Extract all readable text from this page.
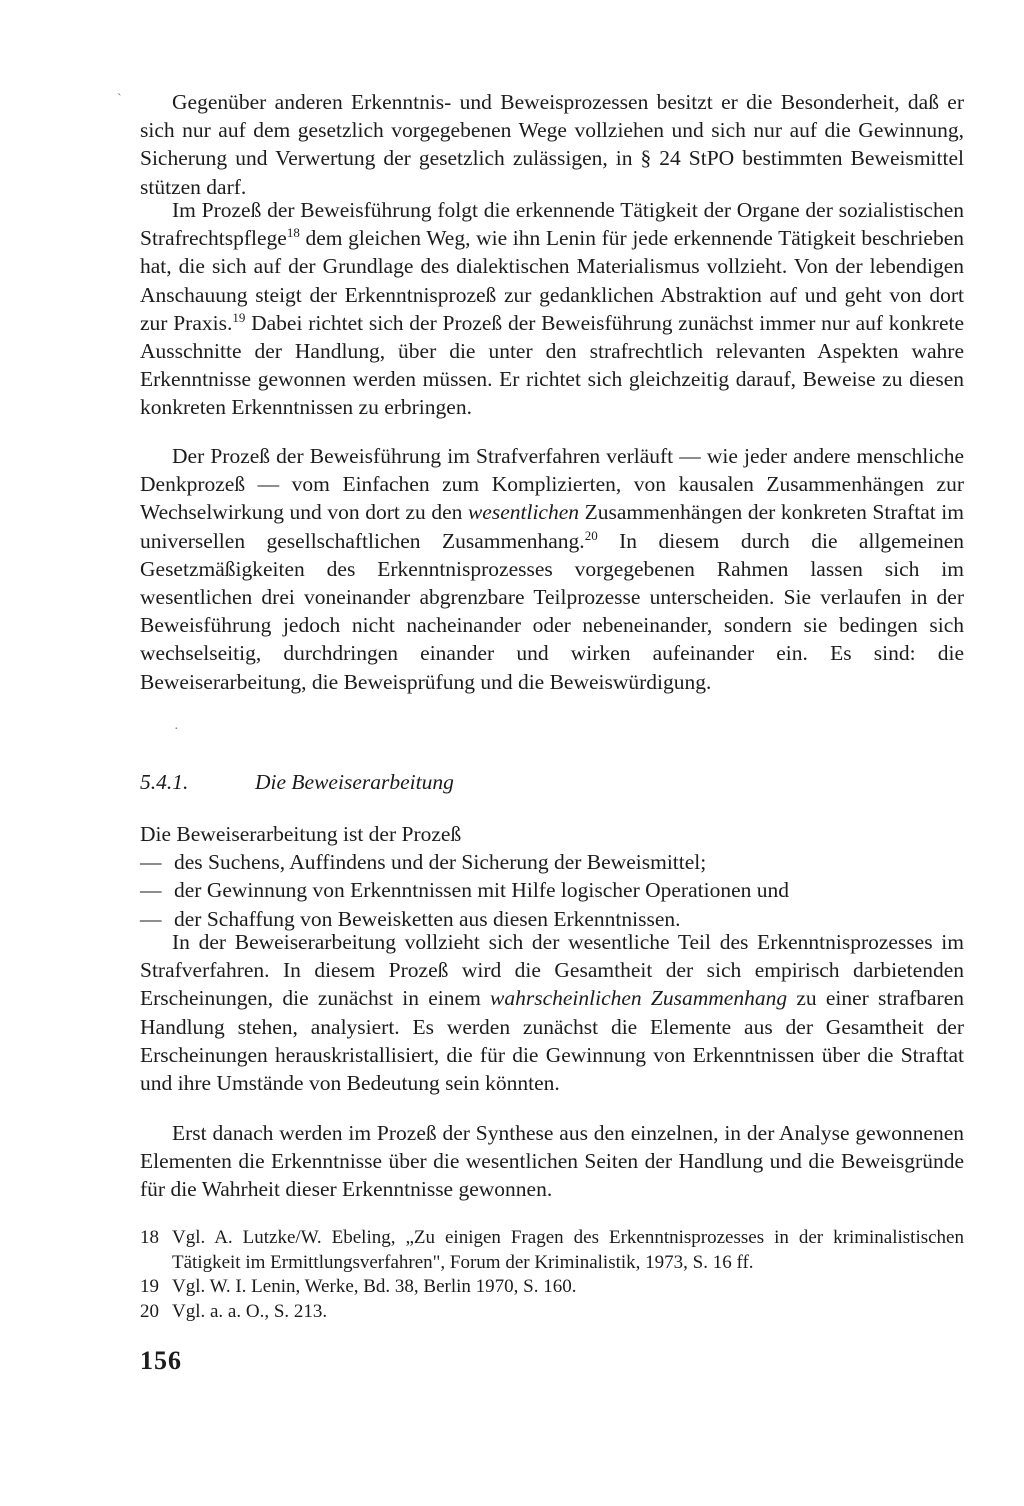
Gegenüber anderen Erkenntnis- und Beweisprozessen besitzt er die Besonderheit, daß er sich nur auf dem gesetzlich vorgegebenen Wege vollziehen und sich nur auf die Gewinnung, Sicherung und Verwertung der gesetzlich zulässigen, in § 24 StPO bestimmten Beweismittel stützen darf.

Im Prozeß der Beweisführung folgt die erkennende Tätigkeit der Organe der sozialistischen Strafrechtspflege$^{18}$ dem gleichen Weg, wie ihn Lenin für jede erkennende Tätigkeit beschrieben hat, die sich auf der Grundlage des dialektischen Materialismus vollzieht. Von der lebendigen Anschauung steigt der Erkenntnisprozeß zur gedanklichen Abstraktion auf und geht von dort zur Praxis.$^{19}$ Dabei richtet sich der Prozeß der Beweisführung zunächst immer nur auf konkrete Ausschnitte der Handlung, über die unter den strafrechtlich relevanten Aspekten wahre Erkenntnisse gewonnen werden müssen. Er richtet sich gleichzeitig darauf, Beweise zu diesen konkreten Erkenntnissen zu erbringen.

Der Prozeß der Beweisführung im Strafverfahren verläuft — wie jeder andere menschliche Denkprozeß — vom Einfachen zum Komplizierten, von kausalen Zusammenhängen zur Wechselwirkung und von dort zu den wesentlichen Zusammenhängen der konkreten Straftat im universellen gesellschaftlichen Zusammenhang.$^{20}$ In diesem durch die allgemeinen Gesetzmäßigkeiten des Erkenntnisprozesses vorgegebenen Rahmen lassen sich im wesentlichen drei voneinander abgrenzbare Teilprozesse unterscheiden. Sie verlaufen in der Beweisführung jedoch nicht nacheinander oder nebeneinander, sondern sie bedingen sich wechselseitig, durchdringen einander und wirken aufeinander ein. Es sind: die Beweiserarbeitung, die Beweisprüfung und die Beweiswürdigung.

5.4.1.	Die Beweiserarbeitung

Die Beweiserarbeitung ist der Prozeß

— des Suchens, Auffindens und der Sicherung der Beweismittel;
— der Gewinnung von Erkenntnissen mit Hilfe logischer Operationen und
— der Schaffung von Beweisketten aus diesen Erkenntnissen.

In der Beweiserarbeitung vollzieht sich der wesentliche Teil des Erkenntnisprozesses im Strafverfahren. In diesem Prozeß wird die Gesamtheit der sich empirisch darbietenden Erscheinungen, die zunächst in einem wahrscheinlichen Zusammenhang zu einer strafbaren Handlung stehen, analysiert. Es werden zunächst die Elemente aus der Gesamtheit der Erscheinungen herauskristallisiert, die für die Gewinnung von Erkenntnissen über die Straftat und ihre Umstände von Bedeutung sein könnten.

Erst danach werden im Prozeß der Synthese aus den einzelnen, in der Analyse gewonnenen Elementen die Erkenntnisse über die wesentlichen Seiten der Handlung und die Beweisgründe für die Wahrheit dieser Erkenntnisse gewonnen.

18 Vgl. A. Lutzke/W. Ebeling, „Zu einigen Fragen des Erkenntnisprozesses in der kriminalistischen Tätigkeit im Ermittlungsverfahren", Forum der Kriminalistik, 1973, S. 16 ff.
19 Vgl. W. I. Lenin, Werke, Bd. 38, Berlin 1970, S. 160.
20 Vgl. a. a. O., S. 213.
156
ˋ
·
